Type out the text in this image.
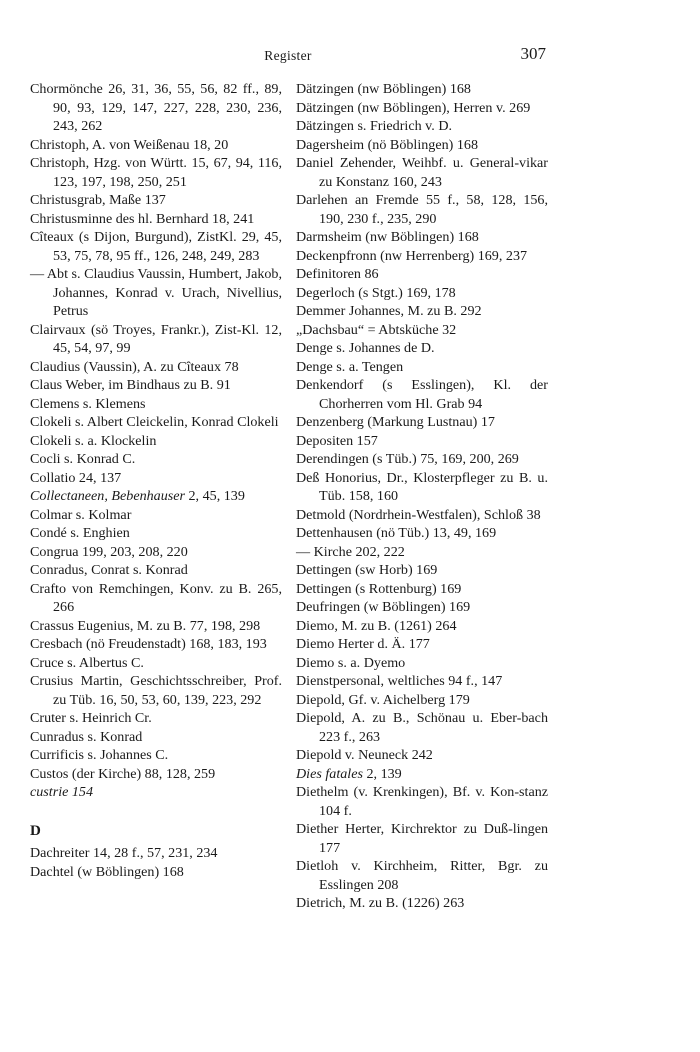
Register	307
Chormönche 26, 31, 36, 55, 56, 82 ff., 89, 90, 93, 129, 147, 227, 228, 230, 236, 243, 262
Christoph, A. von Weißenau 18, 20
Christoph, Hzg. von Württ. 15, 67, 94, 116, 123, 197, 198, 250, 251
Christusgrab, Maße 137
Christusminne des hl. Bernhard 18, 241
Cîteaux (s Dijon, Burgund), ZistKl. 29, 45, 53, 75, 78, 95 ff., 126, 248, 249, 283
— Abt s. Claudius Vaussin, Humbert, Jakob, Johannes, Konrad v. Urach, Nivellius, Petrus
Clairvaux (sö Troyes, Frankr.), Zist-Kl. 12, 45, 54, 97, 99
Claudius (Vaussin), A. zu Cîteaux 78
Claus Weber, im Bindhaus zu B. 91
Clemens s. Klemens
Clokeli s. Albert Cleickelin, Konrad Clokeli
Clokeli s. a. Klockelin
Cocli s. Konrad C.
Collatio 24, 137
Collectaneen, Bebenhauser 2, 45, 139
Colmar s. Kolmar
Condé s. Enghien
Congrua 199, 203, 208, 220
Conradus, Conrat s. Konrad
Crafto von Remchingen, Konv. zu B. 265, 266
Crassus Eugenius, M. zu B. 77, 198, 298
Cresbach (nö Freudenstadt) 168, 183, 193
Cruce s. Albertus C.
Crusius Martin, Geschichtsschreiber, Prof. zu Tüb. 16, 50, 53, 60, 139, 223, 292
Cruter s. Heinrich Cr.
Cunradus s. Konrad
Currificis s. Johannes C.
Custos (der Kirche) 88, 128, 259
custrie 154
D
Dachreiter 14, 28 f., 57, 231, 234
Dachtel (w Böblingen) 168
Dätzingen (nw Böblingen) 168
Dätzingen (nw Böblingen), Herren v. 269
Dätzingen s. Friedrich v. D.
Dagersheim (nö Böblingen) 168
Daniel Zehender, Weihbf. u. General-vikar zu Konstanz 160, 243
Darlehen an Fremde 55 f., 58, 128, 156, 190, 230 f., 235, 290
Darmsheim (nw Böblingen) 168
Deckenpfronn (nw Herrenberg) 169, 237
Definitoren 86
Degerloch (s Stgt.) 169, 178
Demmer Johannes, M. zu B. 292
„Dachsbau“ = Abtsküche 32
Denge s. Johannes de D.
Denge s. a. Tengen
Denkendorf (s Esslingen), Kl. der Chorherren vom Hl. Grab 94
Denzenberg (Markung Lustnau) 17
Depositen 157
Derendingen (s Tüb.) 75, 169, 200, 269
Deß Honorius, Dr., Klosterpfleger zu B. u. Tüb. 158, 160
Detmold (Nordrhein-Westfalen), Schloß 38
Dettenhausen (nö Tüb.) 13, 49, 169
— Kirche 202, 222
Dettingen (sw Horb) 169
Dettingen (s Rottenburg) 169
Deufringen (w Böblingen) 169
Diemo, M. zu B. (1261) 264
Diemo Herter d. Ä. 177
Diemo s. a. Dyemo
Dienstpersonal, weltliches 94 f., 147
Diepold, Gf. v. Aichelberg 179
Diepold, A. zu B., Schönau u. Eber-bach 223 f., 263
Diepold v. Neuneck 242
Dies fatales 2, 139
Diethelm (v. Krenkingen), Bf. v. Kon-stanz 104 f.
Diether Herter, Kirchrektor zu Duß-lingen 177
Dietloh v. Kirchheim, Ritter, Bgr. zu Esslingen 208
Dietrich, M. zu B. (1226) 263
